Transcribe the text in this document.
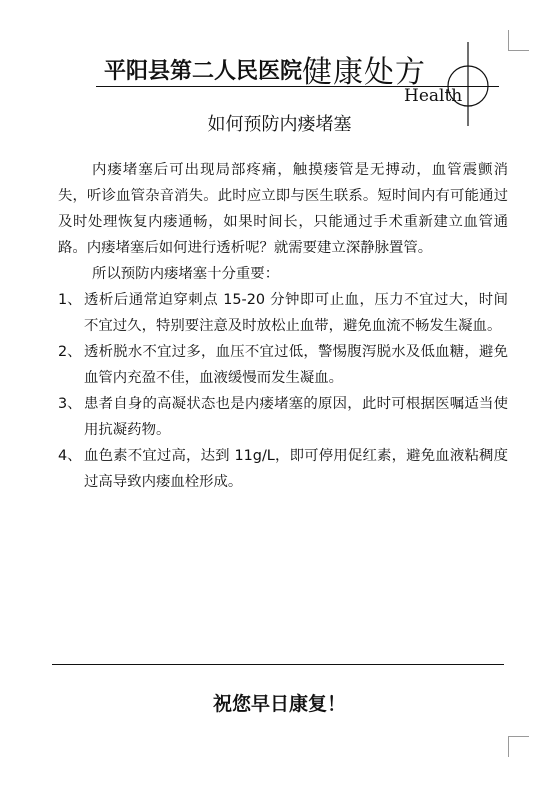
平阳县第二人民医院 健康处方
Health
如何预防内瘘堵塞

内瘘堵塞后可出现局部疼痛，触摸瘘管是无搏动，血管震颤消失，听诊血管杂音消失。此时应立即与医生联系。短时间内有可能通过及时处理恢复内瘘通畅，如果时间长，只能通过手术重新建立血管通路。内瘘堵塞后如何进行透析呢？就需要建立深静脉置管。

所以预防内瘘堵塞十分重要：

1、 透析后通常迫穿刺点 15-20 分钟即可止血，压力不宜过大，时间不宜过久，特别要注意及时放松止血带，避免血流不畅发生凝血。
2、 透析脱水不宜过多，血压不宜过低，警惕腹泻脱水及低血糖，避免血管内充盈不佳，血液缓慢而发生凝血。
3、 患者自身的高凝状态也是内瘘堵塞的原因，此时可根据医嘱适当使用抗凝药物。
4、 血色素不宜过高，达到 11g/L，即可停用促红素，避免血液粘稠度过高导致内瘘血栓形成。
祝您早日康复！
